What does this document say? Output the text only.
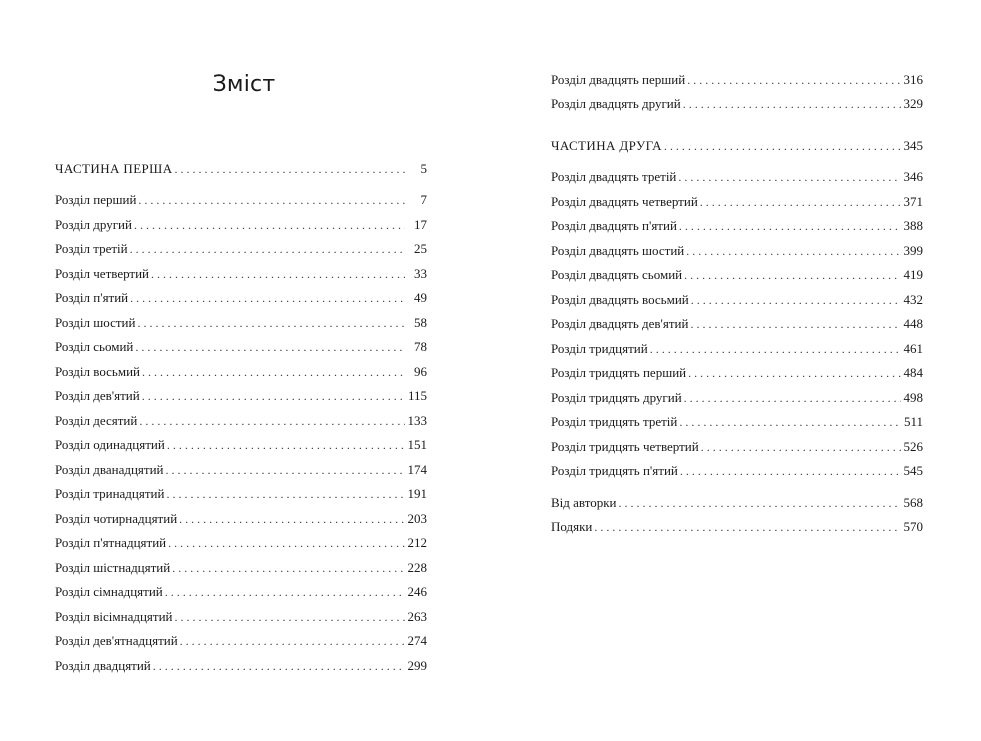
Зміст
ЧАСТИНА ПЕРША . . .	5
Розділ перший . . .	7
Розділ другий . . .	17
Розділ третій . . .	25
Розділ четвертий . . .	33
Розділ п'ятий . . .	49
Розділ шостий . . .	58
Розділ сьомий . . .	78
Розділ восьмий . . .	96
Розділ дев'ятий . . .	115
Розділ десятий . . .	133
Розділ одинадцятий . . .	151
Розділ дванадцятий . . .	174
Розділ тринадцятий . . .	191
Розділ чотирнадцятий . . .	203
Розділ п'ятнадцятий . . .	212
Розділ шістнадцятий . . .	228
Розділ сімнадцятий . . .	246
Розділ вісімнадцятий . . .	263
Розділ дев'ятнадцятий . . .	274
Розділ двадцятий . . .	299
Розділ двадцять перший . . .	316
Розділ двадцять другий . . .	329
ЧАСТИНА ДРУГА . . .	345
Розділ двадцять третій . . .	346
Розділ двадцять четвертий . . .	371
Розділ двадцять п'ятий . . .	388
Розділ двадцять шостий . . .	399
Розділ двадцять сьомий . . .	419
Розділ двадцять восьмий . . .	432
Розділ двадцять дев'ятий . . .	448
Розділ тридцятий . . .	461
Розділ тридцять перший . . .	484
Розділ тридцять другий . . .	498
Розділ тридцять третій . . .	511
Розділ тридцять четвертий . . .	526
Розділ тридцять п'ятий . . .	545
Від авторки . . .	568
Подяки . . .	570
